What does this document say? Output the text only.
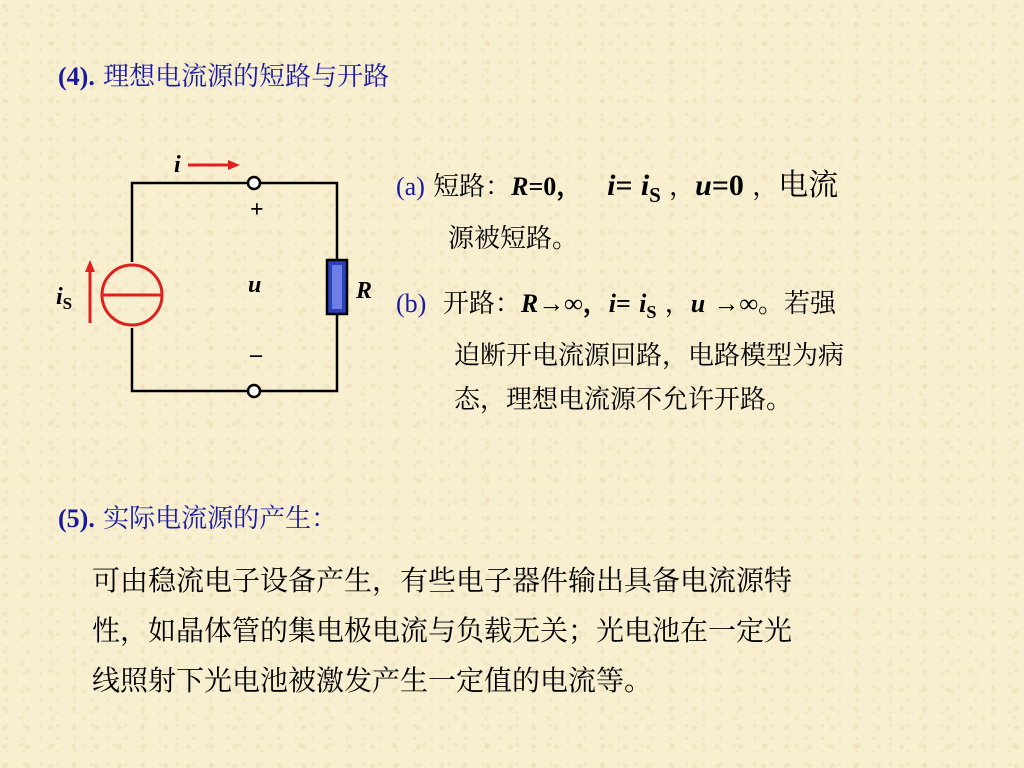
(4). 理想电流源的短路与开路
i
$i_S$
+
u
–
R
(a) 短路：R=0， $i= i_S$ ，u=0 ，电流
源被短路。
(b) 开路：R→∞，$i= i_S$ ，u →∞。若强
迫断开电流源回路，电路模型为病
态，理想电流源不允许开路。
(5). 实际电流源的产生：
可由稳流电子设备产生，有些电子器件输出具备电流源特
性，如晶体管的集电极电流与负载无关；光电池在一定光
线照射下光电池被激发产生一定值的电流等。
